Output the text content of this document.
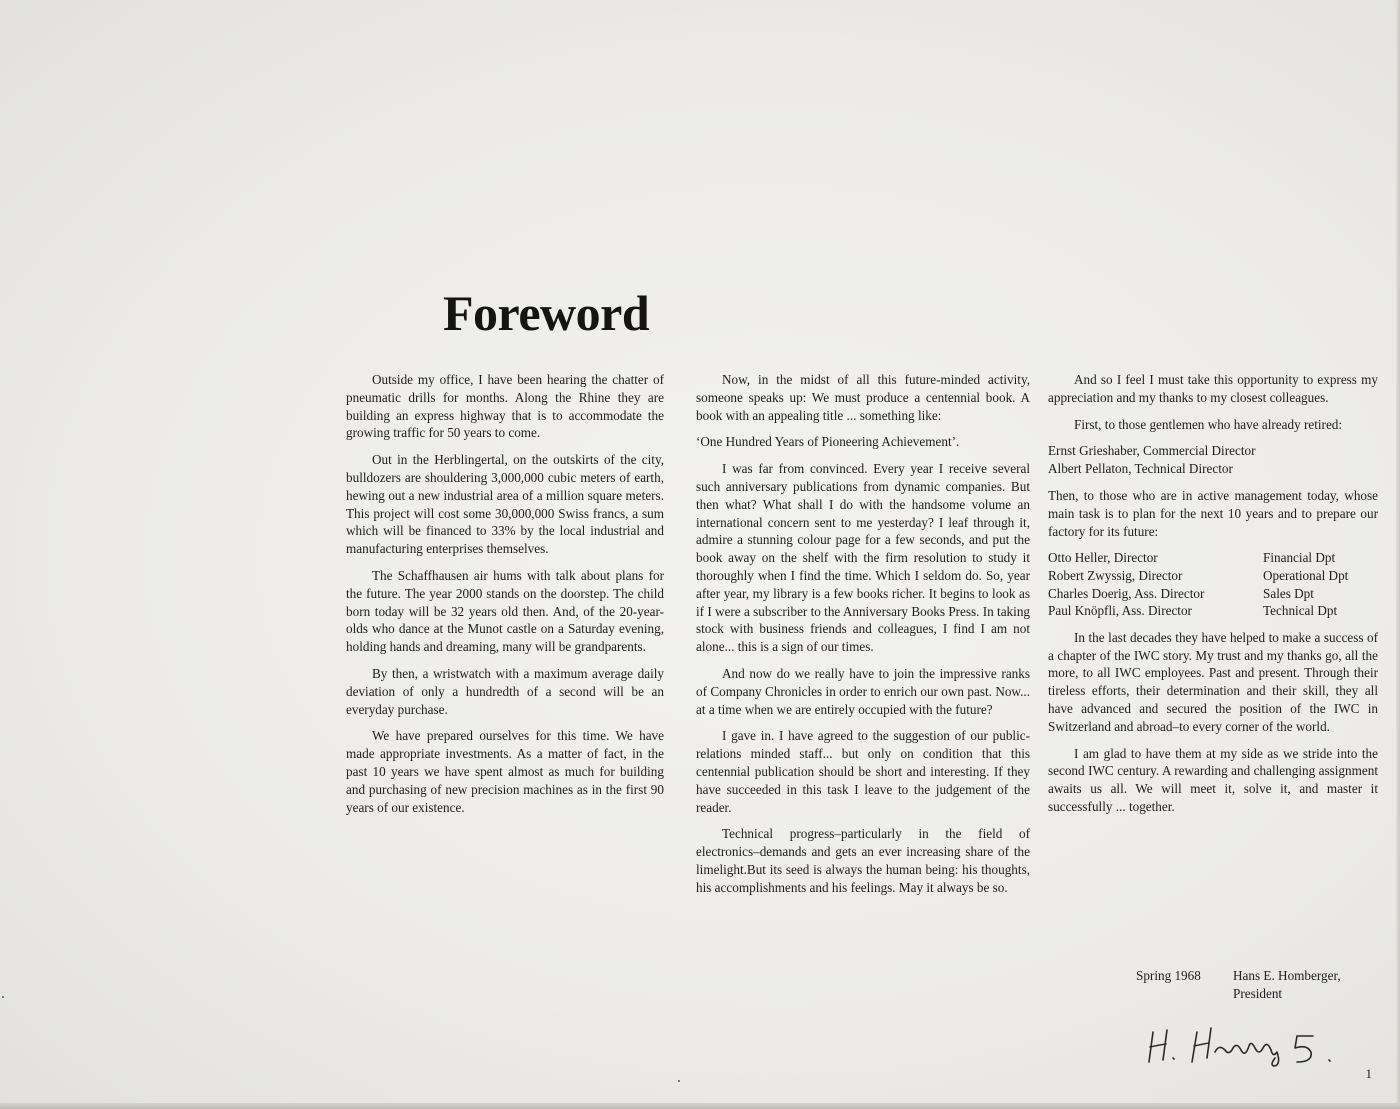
Foreword

Outside my office, I have been hearing the chatter of pneumatic drills for months. Along the Rhine they are building an express highway that is to accommodate the growing traffic for 50 years to come.

Out in the Herblingertal, on the outskirts of the city, bulldozers are shouldering 3,000,000 cubic meters of earth, hewing out a new industrial area of a million square meters. This project will cost some 30,000,000 Swiss francs, a sum which will be financed to 33% by the local industrial and manufacturing enterprises themselves.

The Schaffhausen air hums with talk about plans for the future. The year 2000 stands on the doorstep. The child born today will be 32 years old then. And, of the 20-year-olds who dance at the Munot castle on a Saturday evening, holding hands and dreaming, many will be grandparents.

By then, a wristwatch with a maximum average daily deviation of only a hundredth of a second will be an everyday purchase.

We have prepared ourselves for this time. We have made appropriate investments. As a matter of fact, in the past 10 years we have spent almost as much for building and purchasing of new precision machines as in the first 90 years of our existence.

Now, in the midst of all this future-minded activity, someone speaks up: We must produce a centennial book. A book with an appealing title ... something like:

‘One Hundred Years of Pioneering Achievement’.

I was far from convinced. Every year I receive several such anniversary publications from dynamic companies. But then what? What shall I do with the handsome volume an international concern sent to me yesterday? I leaf through it, admire a stunning colour page for a few seconds, and put the book away on the shelf with the firm resolution to study it thoroughly when I find the time. Which I seldom do. So, year after year, my library is a few books richer. It begins to look as if I were a subscriber to the Anniversary Books Press. In taking stock with business friends and colleagues, I find I am not alone... this is a sign of our times.

And now do we really have to join the impressive ranks of Company Chronicles in order to enrich our own past. Now... at a time when we are entirely occupied with the future?

I gave in. I have agreed to the suggestion of our public-relations minded staff... but only on condition that this centennial publication should be short and interesting. If they have succeeded in this task I leave to the judgement of the reader.

Technical progress–particularly in the field of electronics–demands and gets an ever increasing share of the limelight.But its seed is always the human being: his thoughts, his accomplishments and his feelings. May it always be so.

And so I feel I must take this opportunity to express my appreciation and my thanks to my closest colleagues.

First, to those gentlemen who have already retired:

Ernst Grieshaber, Commercial Director
Albert Pellaton, Technical Director

Then, to those who are in active management today, whose main task is to plan for the next 10 years and to prepare our factory for its future:

Otto Heller, Director	Financial Dpt
Robert Zwyssig, Director	Operational Dpt
Charles Doerig, Ass. Director	Sales Dpt
Paul Knöpfli, Ass. Director	Technical Dpt

In the last decades they have helped to make a success of a chapter of the IWC story. My trust and my thanks go, all the more, to all IWC employees. Past and present. Through their tireless efforts, their determination and their skill, they all have advanced and secured the position of the IWC in Switzerland and abroad–to every corner of the world.

I am glad to have them at my side as we stride into the second IWC century. A rewarding and challenging assignment awaits us all. We will meet it, solve it, and master it successfully ... together.

Spring 1968 Hans E. Homberger,
President
1
